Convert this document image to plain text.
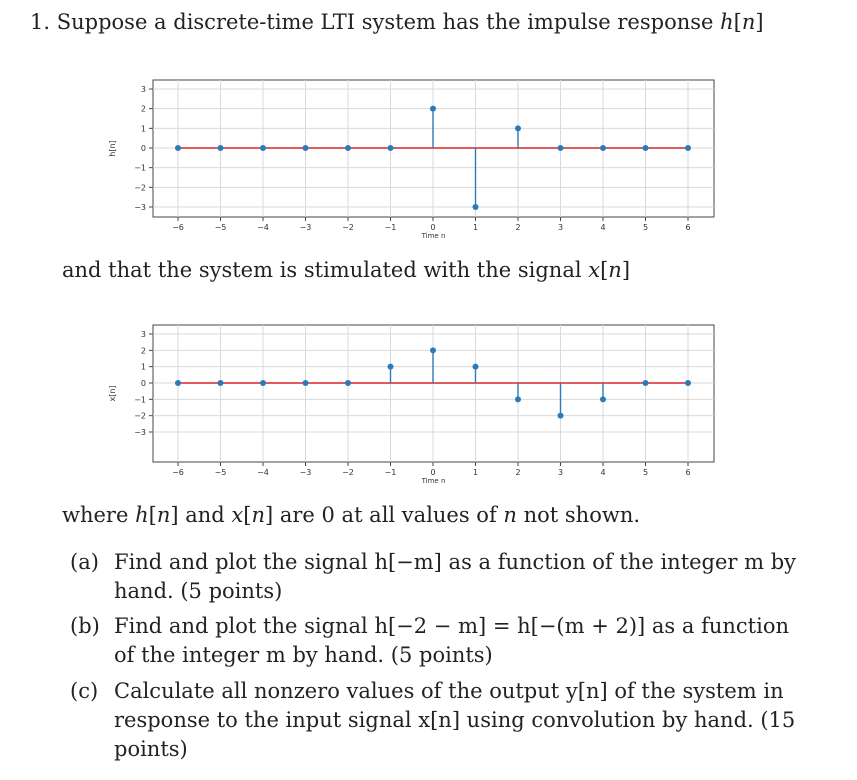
1. Suppose a discrete-time LTI system has the impulse response h[n]
−3
−2
−1
0
1
2
3
−6	−5	−4	−3	−2	−1	0	1	2	3	4	5	6
Time n
h[n]
and that the system is stimulated with the signal x[n]
−3
−2
−1
0
1
2
3
−6	−5	−4	−3	−2	−1	0	1	2	3	4	5	6
Time n
x[n]
where h[n] and x[n] are 0 at all values of n not shown.
(a) Find and plot the signal h[−m] as a function of the integer m by hand. (5 points)
(b) Find and plot the signal h[−2 − m] = h[−(m + 2)] as a function of the integer m by hand. (5 points)
(c) Calculate all nonzero values of the output y[n] of the system in response to the input signal x[n] using convolution by hand. (15 points)
